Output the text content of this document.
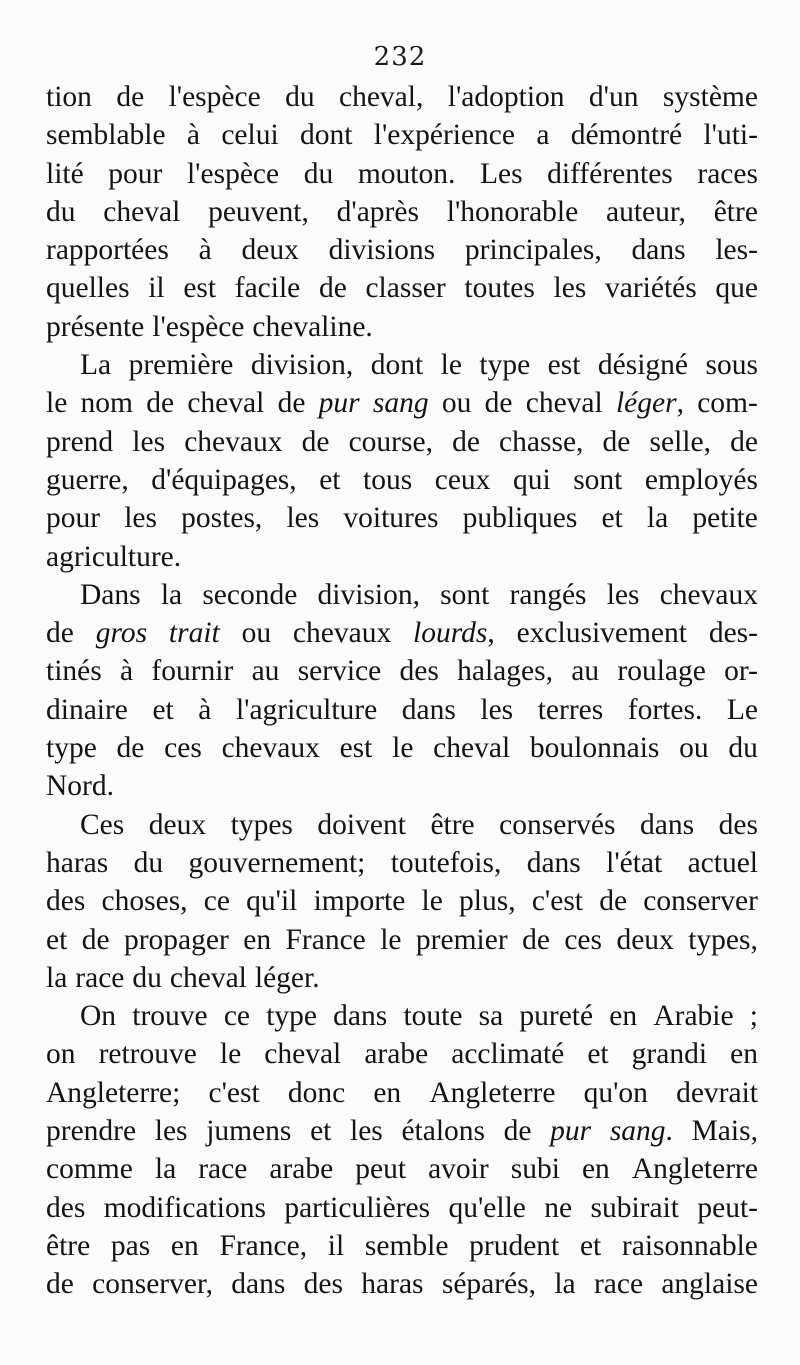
232
tion de l'espèce du cheval, l'adoption d'un système
semblable à celui dont l'expérience a démontré l'uti-
lité pour l'espèce du mouton. Les différentes races
du cheval peuvent, d'après l'honorable auteur, être
rapportées à deux divisions principales, dans les-
quelles il est facile de classer toutes les variétés que
présente l'espèce chevaline.
La première division, dont le type est désigné sous
le nom de cheval de pur sang ou de cheval léger, com-
prend les chevaux de course, de chasse, de selle, de
guerre, d'équipages, et tous ceux qui sont employés
pour les postes, les voitures publiques et la petite
agriculture.
Dans la seconde division, sont rangés les chevaux
de gros trait ou chevaux lourds, exclusivement des-
tinés à fournir au service des halages, au roulage or-
dinaire et à l'agriculture dans les terres fortes. Le
type de ces chevaux est le cheval boulonnais ou du
Nord.
Ces deux types doivent être conservés dans des
haras du gouvernement; toutefois, dans l'état actuel
des choses, ce qu'il importe le plus, c'est de conserver
et de propager en France le premier de ces deux types,
la race du cheval léger.
On trouve ce type dans toute sa pureté en Arabie ;
on retrouve le cheval arabe acclimaté et grandi en
Angleterre; c'est donc en Angleterre qu'on devrait
prendre les jumens et les étalons de pur sang. Mais,
comme la race arabe peut avoir subi en Angleterre
des modifications particulières qu'elle ne subirait peut-
être pas en France, il semble prudent et raisonnable
de conserver, dans des haras séparés, la race anglaise
